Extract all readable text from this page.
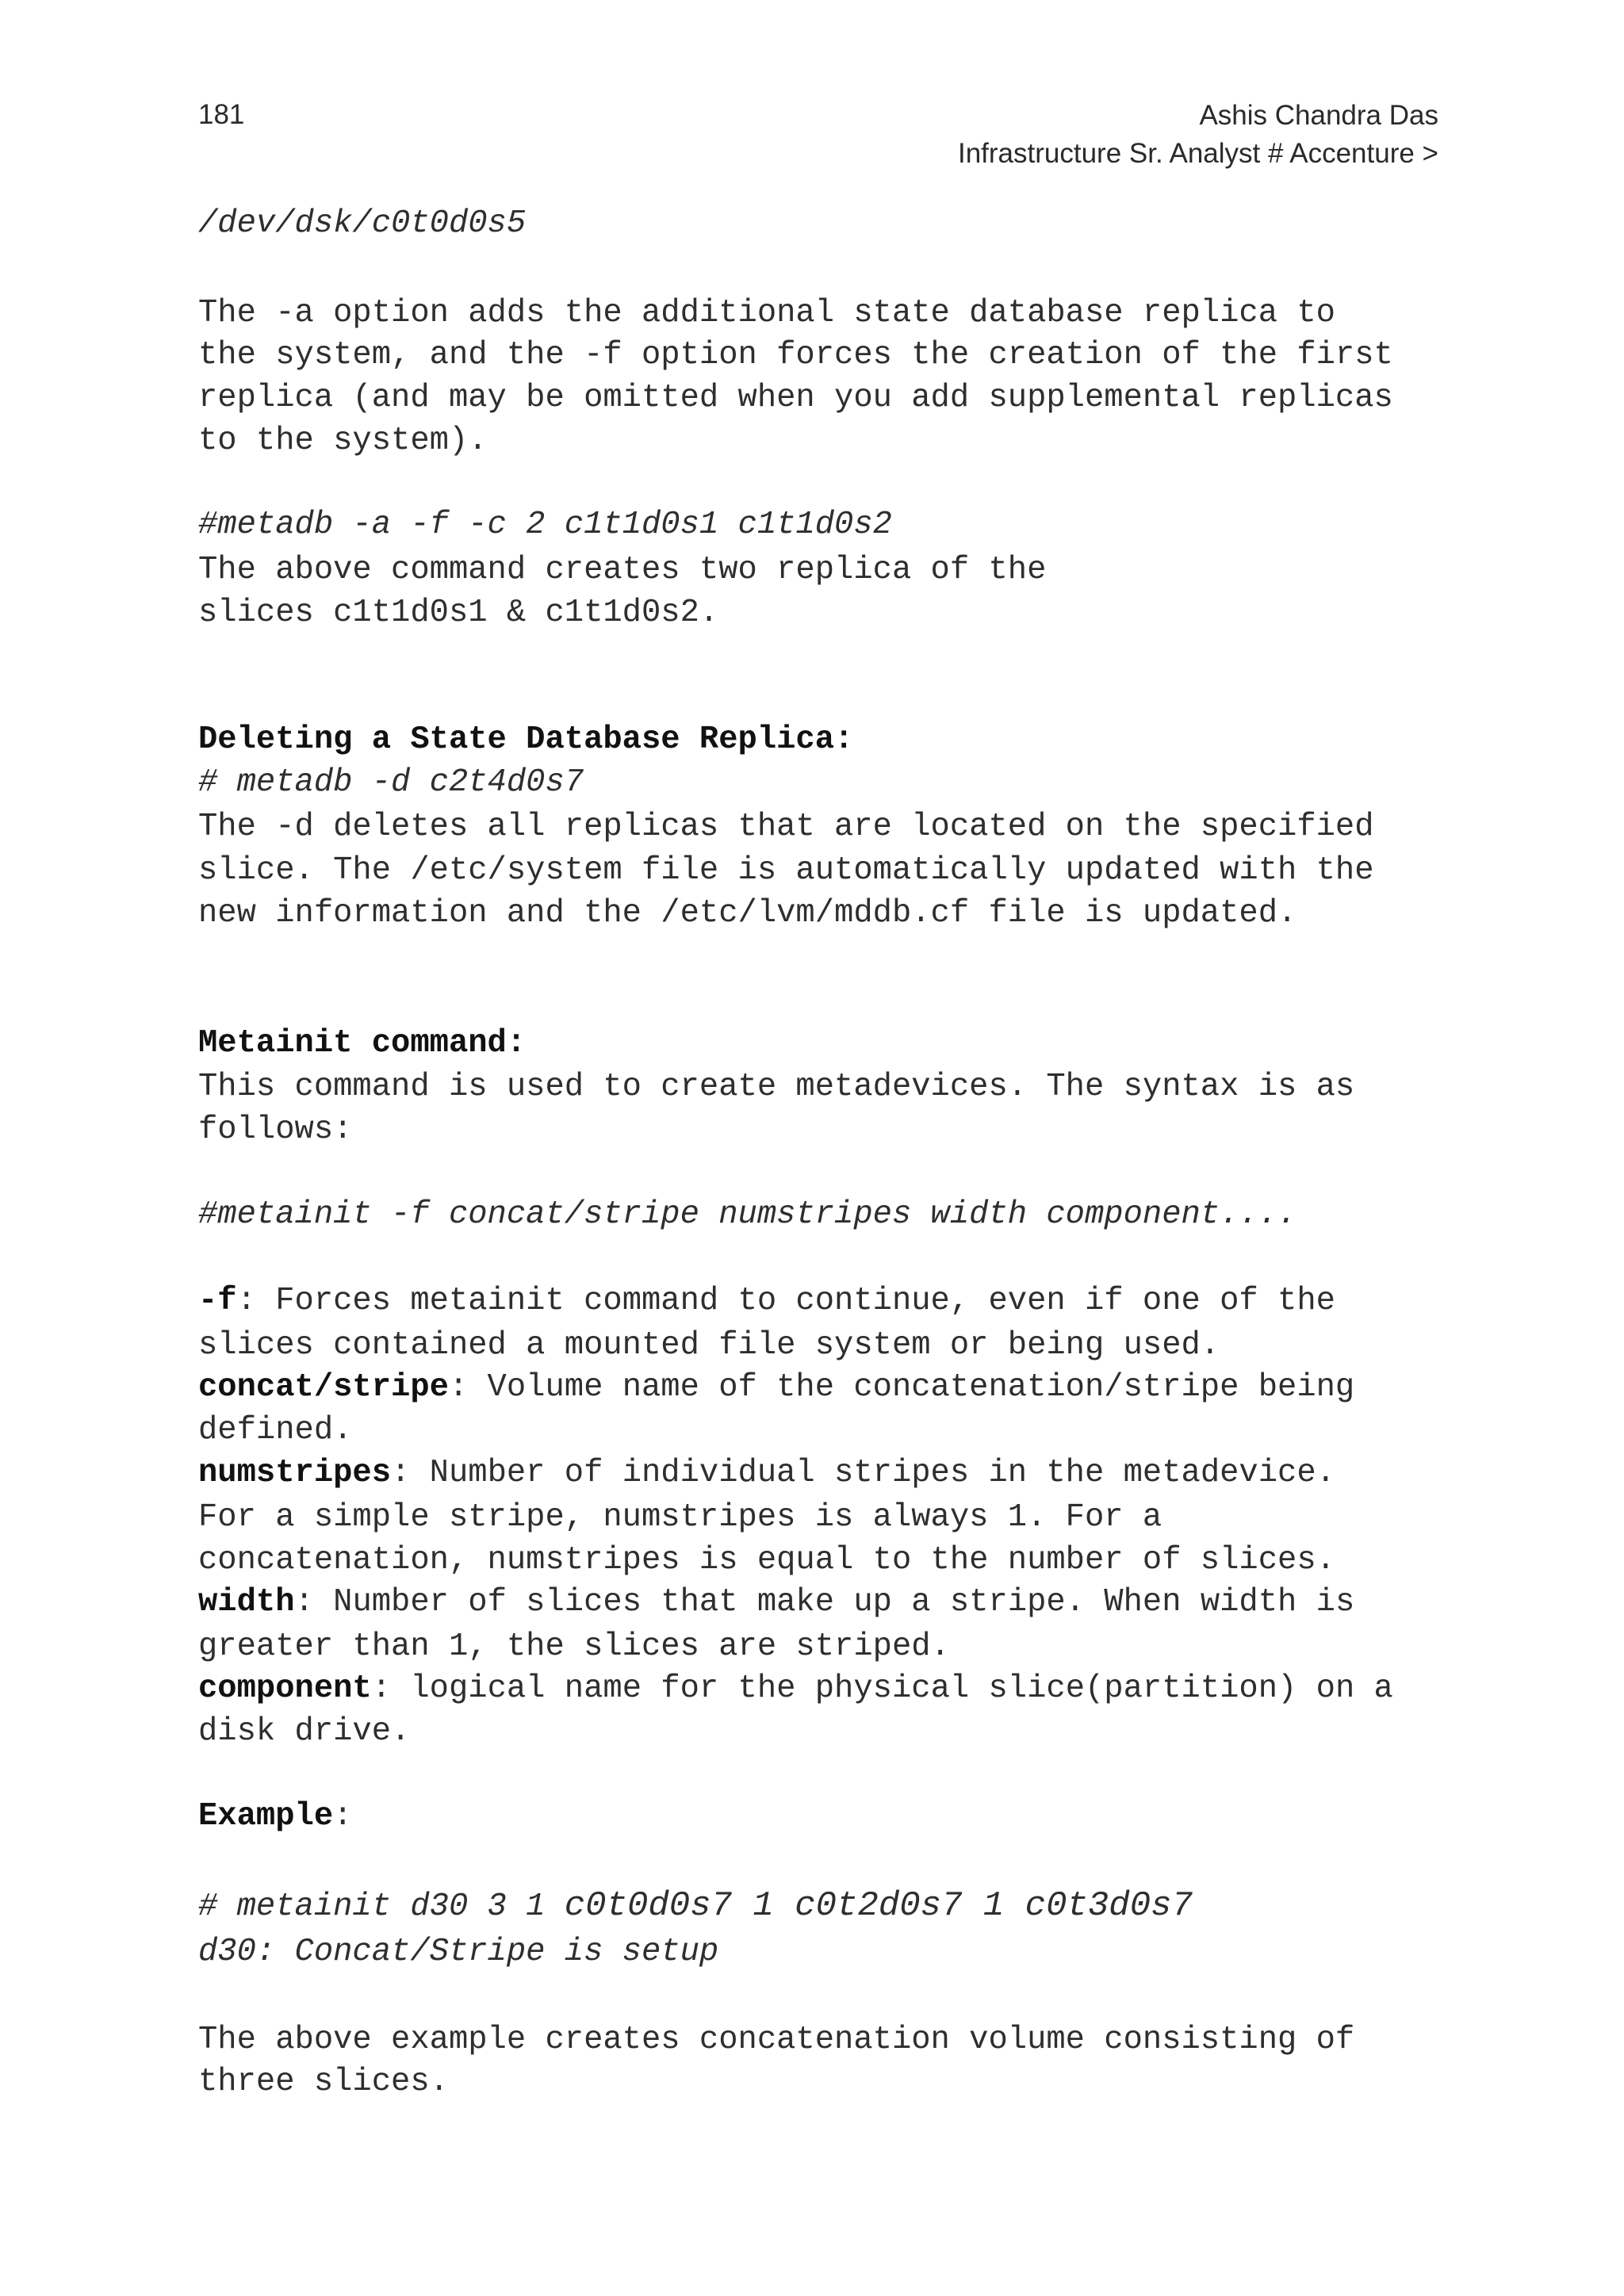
181	Ashis Chandra Das
Infrastructure Sr. Analyst # Accenture >
/dev/dsk/c0t0d0s5
The -a option adds the additional state database replica to
the system, and the -f option forces the creation of the first
replica (and may be omitted when you add supplemental replicas
to the system).
#metadb -a -f -c 2 c1t1d0s1 c1t1d0s2
The above command creates two replica of the
slices c1t1d0s1 & c1t1d0s2.
Deleting a State Database Replica:
# metadb -d c2t4d0s7
The -d deletes all replicas that are located on the specified
slice. The /etc/system file is automatically updated with the
new information and the /etc/lvm/mddb.cf file is updated.
Metainit command:
This command is used to create metadevices. The syntax is as
follows:
#metainit -f concat/stripe numstripes width component....
-f: Forces metainit command to continue, even if one of the
slices contained a mounted file system or being used.
concat/stripe: Volume name of the concatenation/stripe being
defined.
numstripes: Number of individual stripes in the metadevice.
For a simple stripe, numstripes is always 1. For a
concatenation, numstripes is equal to the number of slices.
width: Number of slices that make up a stripe. When width is
greater than 1, the slices are striped.
component: logical name for the physical slice(partition) on a
disk drive.
Example:
# metainit d30 3 1 c0t0d0s7 1 c0t2d0s7 1 c0t3d0s7
d30: Concat/Stripe is setup
The above example creates concatenation volume consisting of
three slices.
